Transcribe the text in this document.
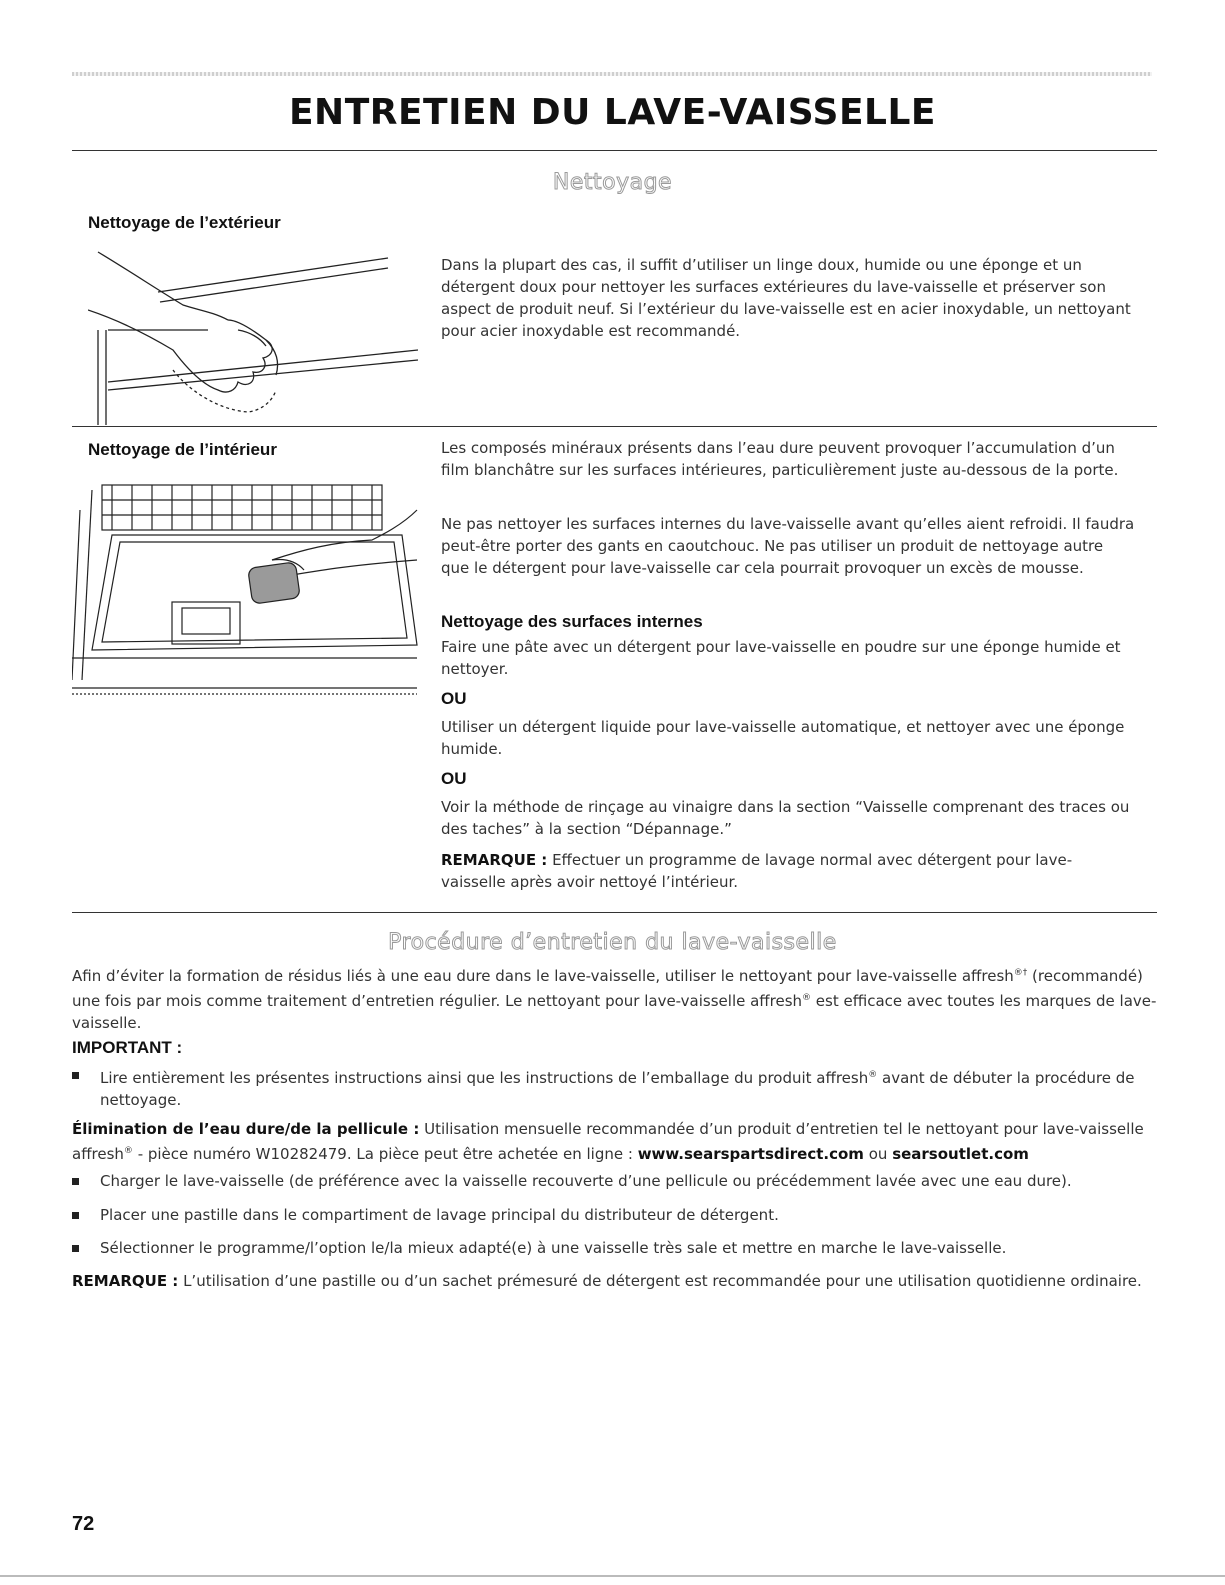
ENTRETIEN DU LAVE-VAISSELLE
Nettoyage
Nettoyage de l’extérieur

Dans la plupart des cas, il suffit d’utiliser un linge doux, humide ou une éponge et un détergent doux pour nettoyer les surfaces extérieures du lave-vaisselle et préserver son aspect de produit neuf. Si l’extérieur du lave-vaisselle est en acier inoxydable, un nettoyant pour acier inoxydable est recommandé.

Nettoyage de l’intérieur	Les composés minéraux présents dans l’eau dure peuvent provoquer l’accumulation d’un film blanchâtre sur les surfaces intérieures, particulièrement juste au-dessous de la porte.

Ne pas nettoyer les surfaces internes du lave-vaisselle avant qu’elles aient refroidi. Il faudra peut-être porter des gants en caoutchouc. Ne pas utiliser un produit de nettoyage autre que le détergent pour lave-vaisselle car cela pourrait provoquer un excès de mousse.

Nettoyage des surfaces internes

Faire une pâte avec un détergent pour lave-vaisselle en poudre sur une éponge humide et nettoyer.

OU

Utiliser un détergent liquide pour lave-vaisselle automatique, et nettoyer avec une éponge humide.

OU

Voir la méthode de rinçage au vinaigre dans la section “Vaisselle comprenant des traces ou des taches” à la section “Dépannage.”

REMARQUE : Effectuer un programme de lavage normal avec détergent pour lave-vaisselle après avoir nettoyé l’intérieur.

Procédure d’entretien du lave-vaisselle

Afin d’éviter la formation de résidus liés à une eau dure dans le lave-vaisselle, utiliser le nettoyant pour lave-vaisselle affresh®† (recommandé) une fois par mois comme traitement d’entretien régulier. Le nettoyant pour lave-vaisselle affresh® est efficace avec toutes les marques de lave-vaisselle.

IMPORTANT :
Lire entièrement les présentes instructions ainsi que les instructions de l’emballage du produit affresh® avant de débuter la procédure de nettoyage.

Élimination de l’eau dure/de la pellicule : Utilisation mensuelle recommandée d’un produit d’entretien tel le nettoyant pour lave-vaisselle affresh® - pièce numéro W10282479. La pièce peut être achetée en ligne : www.searspartsdirect.com ou searsoutlet.com

Charger le lave-vaisselle (de préférence avec la vaisselle recouverte d’une pellicule ou précédemment lavée avec une eau dure).
Placer une pastille dans le compartiment de lavage principal du distributeur de détergent.
Sélectionner le programme/l’option le/la mieux adapté(e) à une vaisselle très sale et mettre en marche le lave-vaisselle.

REMARQUE : L’utilisation d’une pastille ou d’un sachet prémesuré de détergent est recommandée pour une utilisation quotidienne ordinaire.

72
